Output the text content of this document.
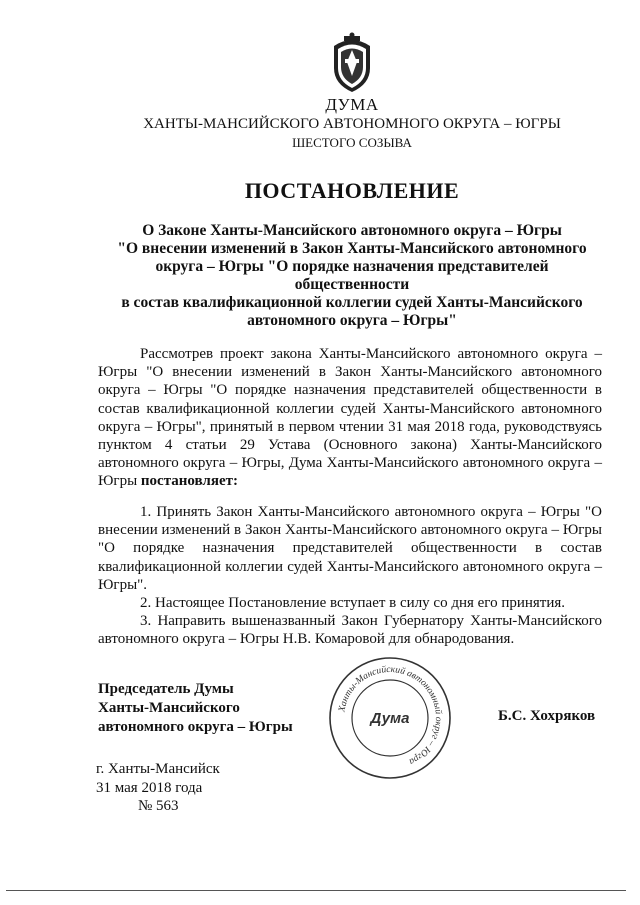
ДУМА
ХАНТЫ-МАНСИЙСКОГО АВТОНОМНОГО ОКРУГА – ЮГРЫ
ШЕСТОГО СОЗЫВА
ПОСТАНОВЛЕНИЕ
О Законе Ханты-Мансийского автономного округа – Югры
"О внесении изменений в Закон Ханты-Мансийского автономного
округа – Югры "О порядке назначения представителей общественности
в состав квалификационной коллегии судей Ханты-Мансийского
автономного округа – Югры"
Рассмотрев проект закона Ханты-Мансийского автономного округа – Югры "О внесении изменений в Закон Ханты-Мансийского автономного округа – Югры "О порядке назначения представителей общественности в состав квалификационной коллегии судей Ханты-Мансийского автономного округа – Югры", принятый в первом чтении 31 мая 2018 года, руководствуясь пунктом 4 статьи 29 Устава (Основного закона) Ханты-Мансийского автономного округа – Югры, Дума Ханты-Мансийского автономного округа – Югры постановляет:

1. Принять Закон Ханты-Мансийского автономного округа – Югры "О внесении изменений в Закон Ханты-Мансийского автономного округа – Югры "О порядке назначения представителей общественности в состав квалификационной коллегии судей Ханты-Мансийского автономного округа – Югры".

2. Настоящее Постановление вступает в силу со дня его принятия.

3. Направить вышеназванный Закон Губернатору Ханты-Мансийского автономного округа – Югры Н.В. Комаровой для обнародования.

Председатель Думы
Ханты-Мансийского
автономного округа – Югры
Ханты-Мансийский автономный округ – Югра
Дума	Б.С. Хохряков
г. Ханты-Мансийск
31 мая 2018 года
№ 563
